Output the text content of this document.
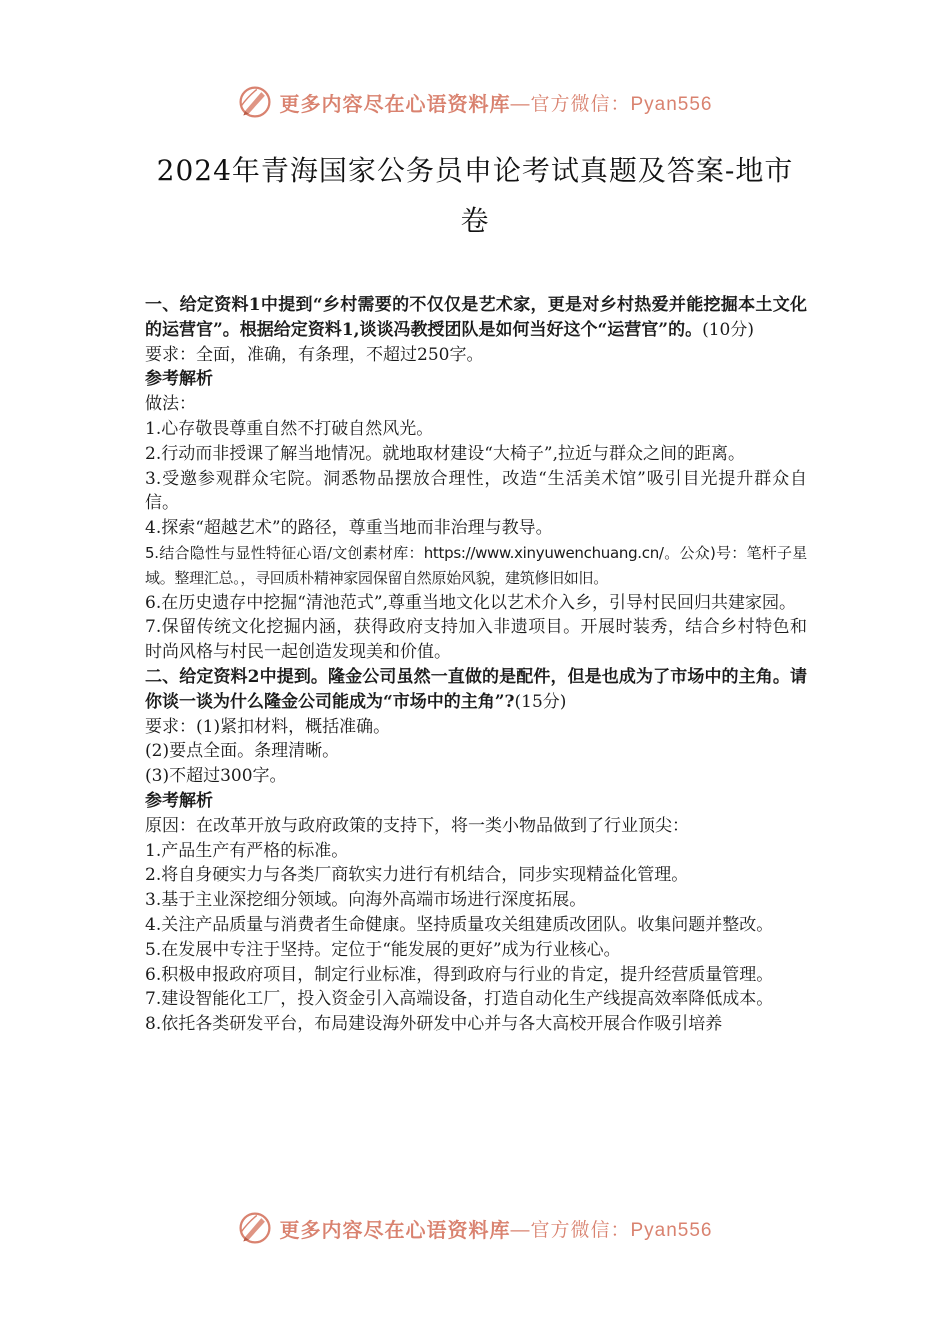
更多内容尽在心语资料库 —官方微信：Pyan556
2024年青海国家公务员申论考试真题及答案-地市
卷

一、给定资料1中提到“乡村需要的不仅仅是艺术家，更是对乡村热爱并能挖掘本土文化的运营官”。根据给定资料1,谈谈冯教授团队是如何当好这个“运营官”的。(10分)

要求：全面，准确，有条理，不超过250字。

参考解析

做法：

1.心存敬畏尊重自然不打破自然风光。

2.行动而非授课了解当地情况。就地取材建设“大椅子”,拉近与群众之间的距离。

3.受邀参观群众宅院。洞悉物品摆放合理性，改造“生活美术馆”吸引目光提升群众自信。

4.探索“超越艺术”的路径，尊重当地而非治理与教导。

5.结合隐性与显性特征心语/文创素材库：https://www.xinyuwenchuang.cn/。公众)号：笔杆子星域。整理汇总。，寻回质朴精神家园保留自然原始风貌，建筑修旧如旧。

6.在历史遗存中挖掘“清池范式”,尊重当地文化以艺术介入乡，引导村民回归共建家园。

7.保留传统文化挖掘内涵，获得政府支持加入非遗项目。开展时装秀，结合乡村特色和时尚风格与村民一起创造发现美和价值。

二、给定资料2中提到。隆金公司虽然一直做的是配件，但是也成为了市场中的主角。请你谈一谈为什么隆金公司能成为“市场中的主角”?(15分)

要求：(1)紧扣材料，概括准确。

(2)要点全面。条理清晰。

(3)不超过300字。

参考解析

原因：在改革开放与政府政策的支持下，将一类小物品做到了行业顶尖：

1.产品生产有严格的标准。

2.将自身硬实力与各类厂商软实力进行有机结合，同步实现精益化管理。

3.基于主业深挖细分领域。向海外高端市场进行深度拓展。

4.关注产品质量与消费者生命健康。坚持质量攻关组建质改团队。收集问题并整改。

5.在发展中专注于坚持。定位于“能发展的更好”成为行业核心。

6.积极申报政府项目，制定行业标准，得到政府与行业的肯定，提升经营质量管理。

7.建设智能化工厂，投入资金引入高端设备，打造自动化生产线提高效率降低成本。

8.依托各类研发平台，布局建设海外研发中心并与各大高校开展合作吸引培养

更多内容尽在心语资料库 —官方微信：Pyan556
